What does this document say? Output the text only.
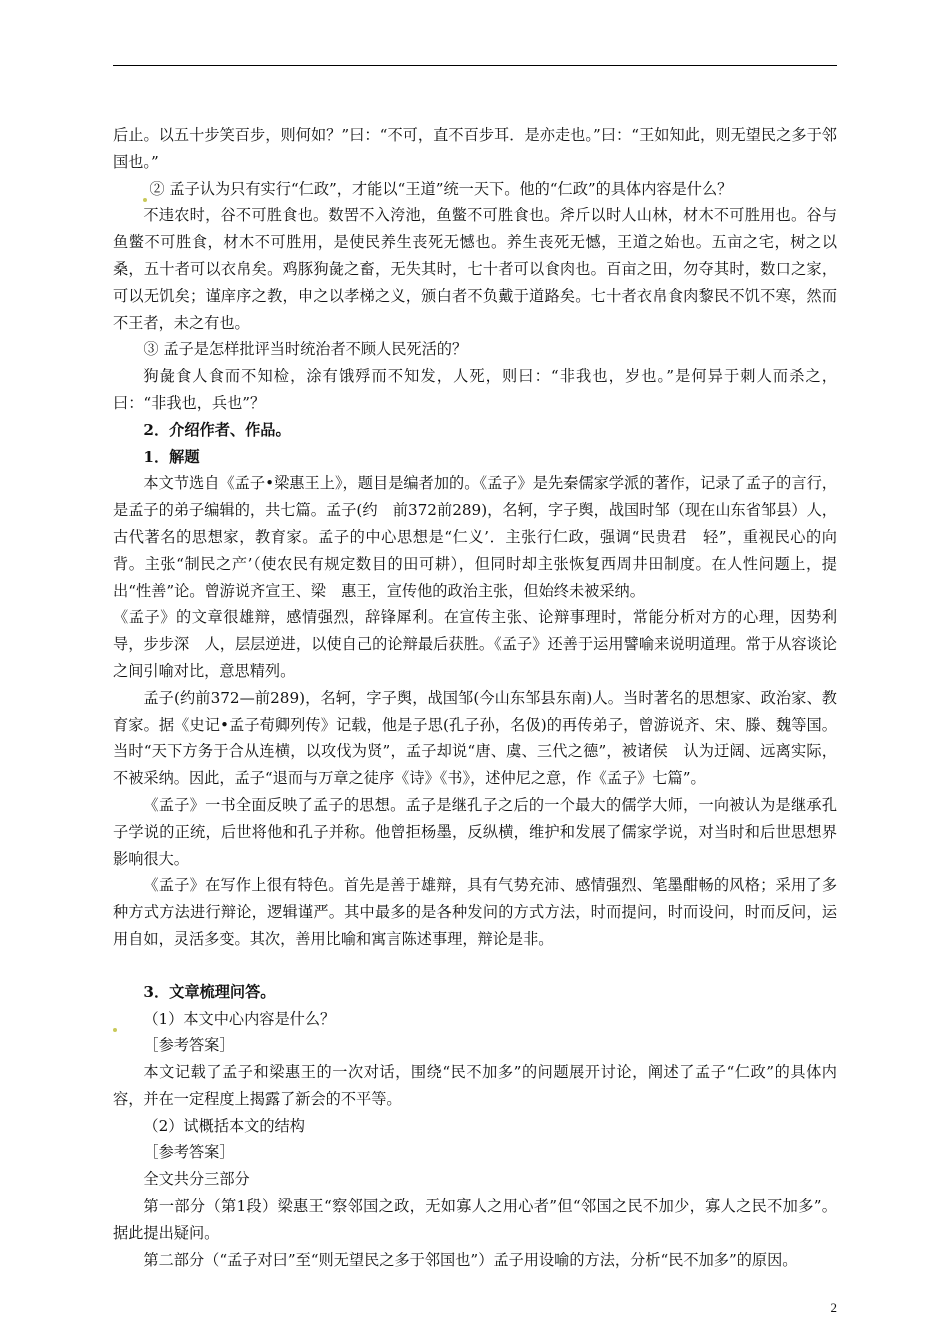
后止。以五十步笑百步，则何如？”曰：“不可，直不百步耳．是亦走也。”曰：“王如知此，则无望民之多于邻国也。”

② 孟子认为只有实行“仁政”，才能以“王道”统一天下。他的“仁政”的具体内容是什么？

不违农时，谷不可胜食也。数罟不入洿池，鱼鳖不可胜食也。斧斤以时人山林，材木不可胜用也。谷与鱼鳖不可胜食，材木不可胜用，是使民养生丧死无憾也。养生丧死无憾，王道之始也。五亩之宅，树之以桑，五十者可以衣帛矣。鸡豚狗彘之畜，无失其时，七十者可以食肉也。百亩之田，勿夺其时，数口之家，可以无饥矣；谨庠序之教，申之以孝梯之义，颁白者不负戴于道路矣。七十者衣帛食肉黎民不饥不寒，然而不王者，未之有也。

③ 孟子是怎样批评当时统治者不顾人民死活的？

狗彘食人食而不知检，涂有饿殍而不知发，人死，则曰：“非我也，岁也。”是何异于刺人而杀之，曰：“非我也，兵也”？

2．介绍作者、作品。

1．解题

本文节选自《孟子•梁惠王上》，题目是编者加的。《孟子》是先秦儒家学派的著作，记录了孟子的言行，是孟子的弟子编辑的，共七篇。孟子(约　前372前289)，名轲，字子舆，战国时邹（现在山东省邹县）人，古代著名的思想家，教育家。孟子的中心思想是“仁义’．主张行仁政，强调“民贵君　轻”，重视民心的向背。主张“制民之产’（使农民有规定数目的田可耕），但同时却主张恢复西周井田制度。在人性问题上，提出“性善”论。曾游说齐宣王、梁　惠王，宣传他的政治主张，但始终未被采纳。

《孟子》的文章很雄辩，感情强烈，辞锋犀利。在宣传主张、论辩事理时，常能分析对方的心理，因势利导，步步深　人，层层逆进，以使自己的论辩最后获胜。《孟子》还善于运用譬喻来说明道理。常于从容谈论之间引喻对比，意思精列。

孟子(约前372—前289)，名轲，字子舆，战国邹(今山东邹县东南)人。当时著名的思想家、政治家、教育家。据《史记•孟子荀卿列传》记载，他是子思(孔子孙，名伋)的再传弟子，曾游说齐、宋、滕、魏等国。当时“天下方务于合从连横，以攻伐为贤”，孟子却说“唐、虞、三代之德”，被诸侯　认为迂阔、远离实际，不被采纳。因此，孟子“退而与万章之徒序《诗》《书》，述仲尼之意，作《孟子》七篇”。

《孟子》一书全面反映了孟子的思想。孟子是继孔子之后的一个最大的儒学大师，一向被认为是继承孔子学说的正统，后世将他和孔子并称。他曾拒杨墨，反纵横，维护和发展了儒家学说，对当时和后世思想界影响很大。

《孟子》在写作上很有特色。首先是善于雄辩，具有气势充沛、感情强烈、笔墨酣畅的风格；采用了多种方式方法进行辩论，逻辑谨严。其中最多的是各种发问的方式方法，时而提问，时而设问，时而反问，运用自如，灵活多变。其次，善用比喻和寓言陈述事理，辩论是非。

3．文章梳理问答。

（1）本文中心内容是什么？

［参考答案］

本文记载了孟子和梁惠王的一次对话，围绕“民不加多”的问题展开讨论，阐述了孟子“仁政”的具体内容，并在一定程度上揭露了新会的不平等。

（2）试概括本文的结构

［参考答案］

全文共分三部分

第一部分（第1段）梁惠王“察邻国之政，无如寡人之用心者”但“邻国之民不加少，寡人之民不加多”。据此提出疑问。

第二部分（“孟子对曰”至“则无望民之多于邻国也”）孟子用设喻的方法，分析“民不加多”的原因。

2
